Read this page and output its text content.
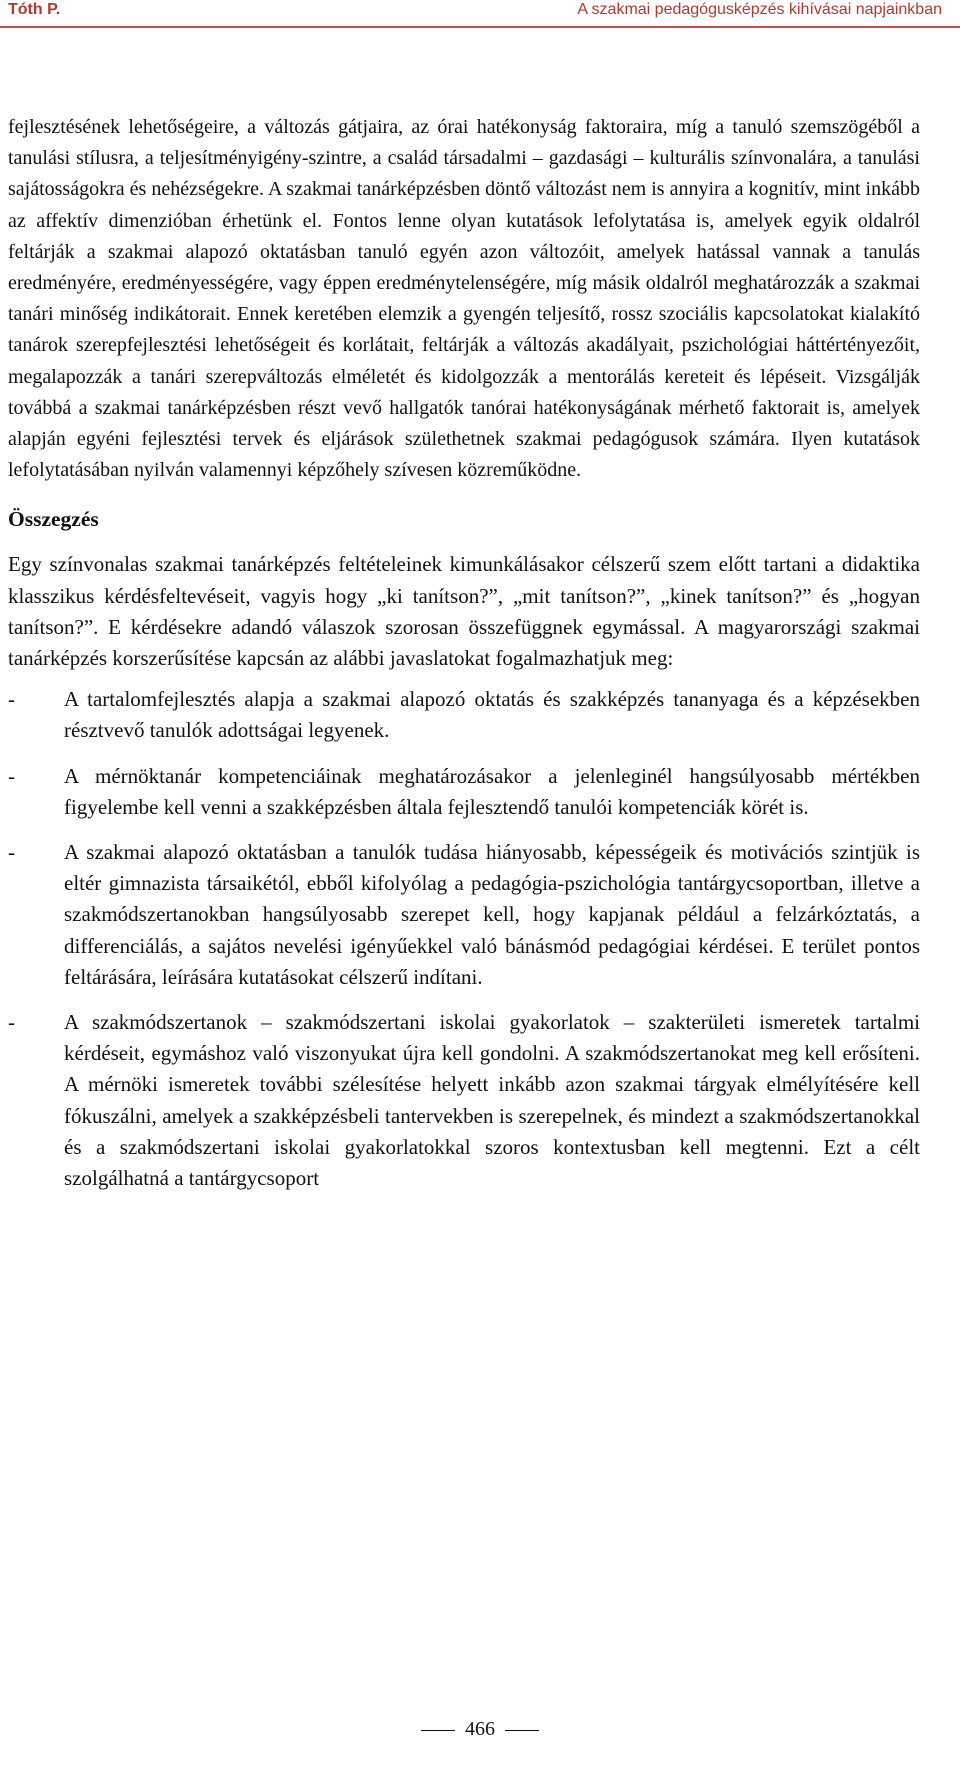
Tóth P.	A szakmai pedagógusképzés kihívásai napjainkban

fejlesztésének lehetőségeire, a változás gátjaira, az órai hatékonyság faktoraira, míg a tanuló szemszögéből a tanulási stílusra, a teljesítményigény-szintre, a család társadalmi – gazdasági – kulturális színvonalára, a tanulási sajátosságokra és nehézségekre. A szakmai tanárképzésben döntő változást nem is annyira a kognitív, mint inkább az affektív dimenzióban érhetünk el. Fontos lenne olyan kutatások lefolytatása is, amelyek egyik oldalról feltárják a szakmai alapozó oktatásban tanuló egyén azon változóit, amelyek hatással vannak a tanulás eredményére, eredményességére, vagy éppen eredménytelenségére, míg másik oldalról meghatározzák a szakmai tanári minőség indikátorait. Ennek keretében elemzik a gyengén teljesítő, rossz szociális kapcsolatokat kialakító tanárok szerepfejlesztési lehetőségeit és korlátait, feltárják a változás akadályait, pszichológiai háttértényezőit, megalapozzák a tanári szerepváltozás elméletét és kidolgozzák a mentorálás kereteit és lépéseit. Vizsgálják továbbá a szakmai tanárképzésben részt vevő hallgatók tanórai hatékonyságának mérhető faktorait is, amelyek alapján egyéni fejlesztési tervek és eljárások születhetnek szakmai pedagógusok számára. Ilyen kutatások lefolytatásában nyilván valamennyi képzőhely szívesen közreműködne.

Összegzés

Egy színvonalas szakmai tanárképzés feltételeinek kimunkálásakor célszerű szem előtt tartani a didaktika klasszikus kérdésfeltevéseit, vagyis hogy „ki tanítson?”, „mit tanítson?”, „kinek tanítson?” és „hogyan tanítson?”. E kérdésekre adandó válaszok szorosan összefüggnek egymással. A magyarországi szakmai tanárképzés korszerűsítése kapcsán az alábbi javaslatokat fogalmazhatjuk meg:

- A tartalomfejlesztés alapja a szakmai alapozó oktatás és szakképzés tananyaga és a képzésekben résztvevő tanulók adottságai legyenek.

- A mérnöktanár kompetenciáinak meghatározásakor a jelenleginél hangsúlyosabb mértékben figyelembe kell venni a szakképzésben általa fejlesztendő tanulói kompetenciák körét is.

- A szakmai alapozó oktatásban a tanulók tudása hiányosabb, képességeik és motivációs szintjük is eltér gimnazista társaikétól, ebből kifolyólag a pedagógia-pszichológia tantárgycsoportban, illetve a szakmódszertanokban hangsúlyosabb szerepet kell, hogy kapjanak például a felzárkóztatás, a differenciálás, a sajátos nevelési igényűekkel való bánásmód pedagógiai kérdései. E terület pontos feltárására, leírására kutatásokat célszerű indítani.

- A szakmódszertanok – szakmódszertani iskolai gyakorlatok – szakterületi ismeretek tartalmi kérdéseit, egymáshoz való viszonyukat újra kell gondolni. A szakmódszertanokat meg kell erősíteni. A mérnöki ismeretek további szélesítése helyett inkább azon szakmai tárgyak elmélyítésére kell fókuszálni, amelyek a szakképzésbeli tantervekben is szerepelnek, és mindezt a szakmódszertanokkal és a szakmódszertani iskolai gyakorlatokkal szoros kontextusban kell megtenni. Ezt a célt szolgálhatná a tantárgycsoport

466
